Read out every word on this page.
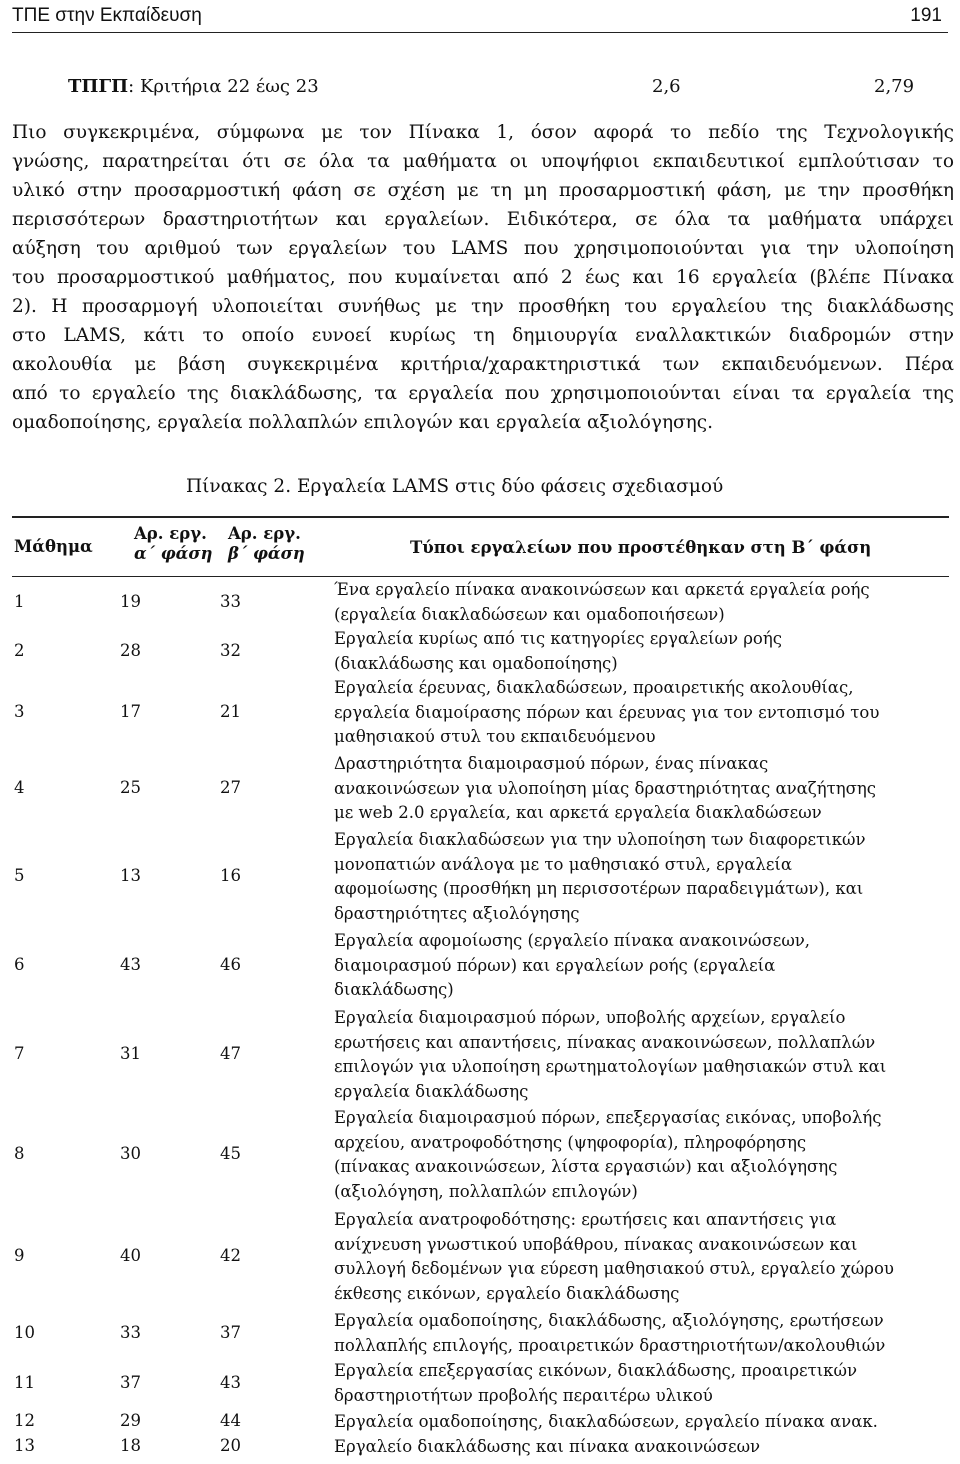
ΤΠΕ στην Εκπαίδευση	191
ΤΠΓΠ: Κριτήρια 22 έως 23	2,6	2,79
Πιο συγκεκριμένα, σύμφωνα με τον Πίνακα 1, όσον αφορά το πεδίο της Τεχνολογικής
γνώσης, παρατηρείται ότι σε όλα τα μαθήματα οι υποψήφιοι εκπαιδευτικοί εμπλούτισαν το
υλικό στην προσαρμοστική φάση σε σχέση με τη μη προσαρμοστική φάση, με την προσθήκη
περισσότερων δραστηριοτήτων και εργαλείων. Ειδικότερα, σε όλα τα μαθήματα υπάρχει
αύξηση του αριθμού των εργαλείων του LAMS που χρησιμοποιούνται για την υλοποίηση
του προσαρμοστικού μαθήματος, που κυμαίνεται από 2 έως και 16 εργαλεία (βλέπε Πίνακα
2). Η προσαρμογή υλοποιείται συνήθως με την προσθήκη του εργαλείου της διακλάδωσης
στο LAMS, κάτι το οποίο ευνοεί κυρίως τη δημιουργία εναλλακτικών διαδρομών στην
ακολουθία με βάση συγκεκριμένα κριτήρια/χαρακτηριστικά των εκπαιδευόμενων. Πέρα
από το εργαλείο της διακλάδωσης, τα εργαλεία που χρησιμοποιούνται είναι τα εργαλεία της
ομαδοποίησης, εργαλεία πολλαπλών επιλογών και εργαλεία αξιολόγησης.
Πίνακας 2. Εργαλεία LAMS στις δύο φάσεις σχεδιασμού
Μάθημα
Αρ. εργ.
α΄ φάση
Αρ. εργ.
β΄ φάση	Τύποι εργαλείων που προστέθηκαν στη Β΄ φάση
1	19	33
Ένα εργαλείο πίνακα ανακοινώσεων και αρκετά εργαλεία ροής
(εργαλεία διακλαδώσεων και ομαδοποιήσεων)
2	28	32
Εργαλεία κυρίως από τις κατηγορίες εργαλείων ροής
(διακλάδωσης και ομαδοποίησης)
3	17	21
Εργαλεία έρευνας, διακλαδώσεων, προαιρετικής ακολουθίας,
εργαλεία διαμοίρασης πόρων και έρευνας για τον εντοπισμό του
μαθησιακού στυλ του εκπαιδευόμενου
4	25	27
Δραστηριότητα διαμοιρασμού πόρων, ένας πίνακας
ανακοινώσεων για υλοποίηση μίας δραστηριότητας αναζήτησης
με web 2.0 εργαλεία, και αρκετά εργαλεία διακλαδώσεων
5	13	16
Εργαλεία διακλαδώσεων για την υλοποίηση των διαφορετικών
μονοπατιών ανάλογα με το μαθησιακό στυλ, εργαλεία
αφομοίωσης (προσθήκη μη περισσοτέρων παραδειγμάτων), και
δραστηριότητες αξιολόγησης
6	43	46
Εργαλεία αφομοίωσης (εργαλείο πίνακα ανακοινώσεων,
διαμοιρασμού πόρων) και εργαλείων ροής (εργαλεία
διακλάδωσης)
7	31	47
Εργαλεία διαμοιρασμού πόρων, υποβολής αρχείων, εργαλείο
ερωτήσεις και απαντήσεις, πίνακας ανακοινώσεων, πολλαπλών
επιλογών για υλοποίηση ερωτηματολογίων μαθησιακών στυλ και
εργαλεία διακλάδωσης
8	30	45
Εργαλεία διαμοιρασμού πόρων, επεξεργασίας εικόνας, υποβολής
αρχείου, ανατροφοδότησης (ψηφοφορία), πληροφόρησης
(πίνακας ανακοινώσεων, λίστα εργασιών) και αξιολόγησης
(αξιολόγηση, πολλαπλών επιλογών)
9	40	42
Εργαλεία ανατροφοδότησης: ερωτήσεις και απαντήσεις για
ανίχνευση γνωστικού υποβάθρου, πίνακας ανακοινώσεων και
συλλογή δεδομένων για εύρεση μαθησιακού στυλ, εργαλείο χώρου
έκθεσης εικόνων, εργαλείο διακλάδωσης
10	33	37
Εργαλεία ομαδοποίησης, διακλάδωσης, αξιολόγησης, ερωτήσεων
πολλαπλής επιλογής, προαιρετικών δραστηριοτήτων/ακολουθιών
11	37	43
Εργαλεία επεξεργασίας εικόνων, διακλάδωσης, προαιρετικών
δραστηριοτήτων προβολής περαιτέρω υλικού
12	29	44	Εργαλεία ομαδοποίησης, διακλαδώσεων, εργαλείο πίνακα ανακ.
13	18	20	Εργαλείο διακλάδωσης και πίνακα ανακοινώσεων
